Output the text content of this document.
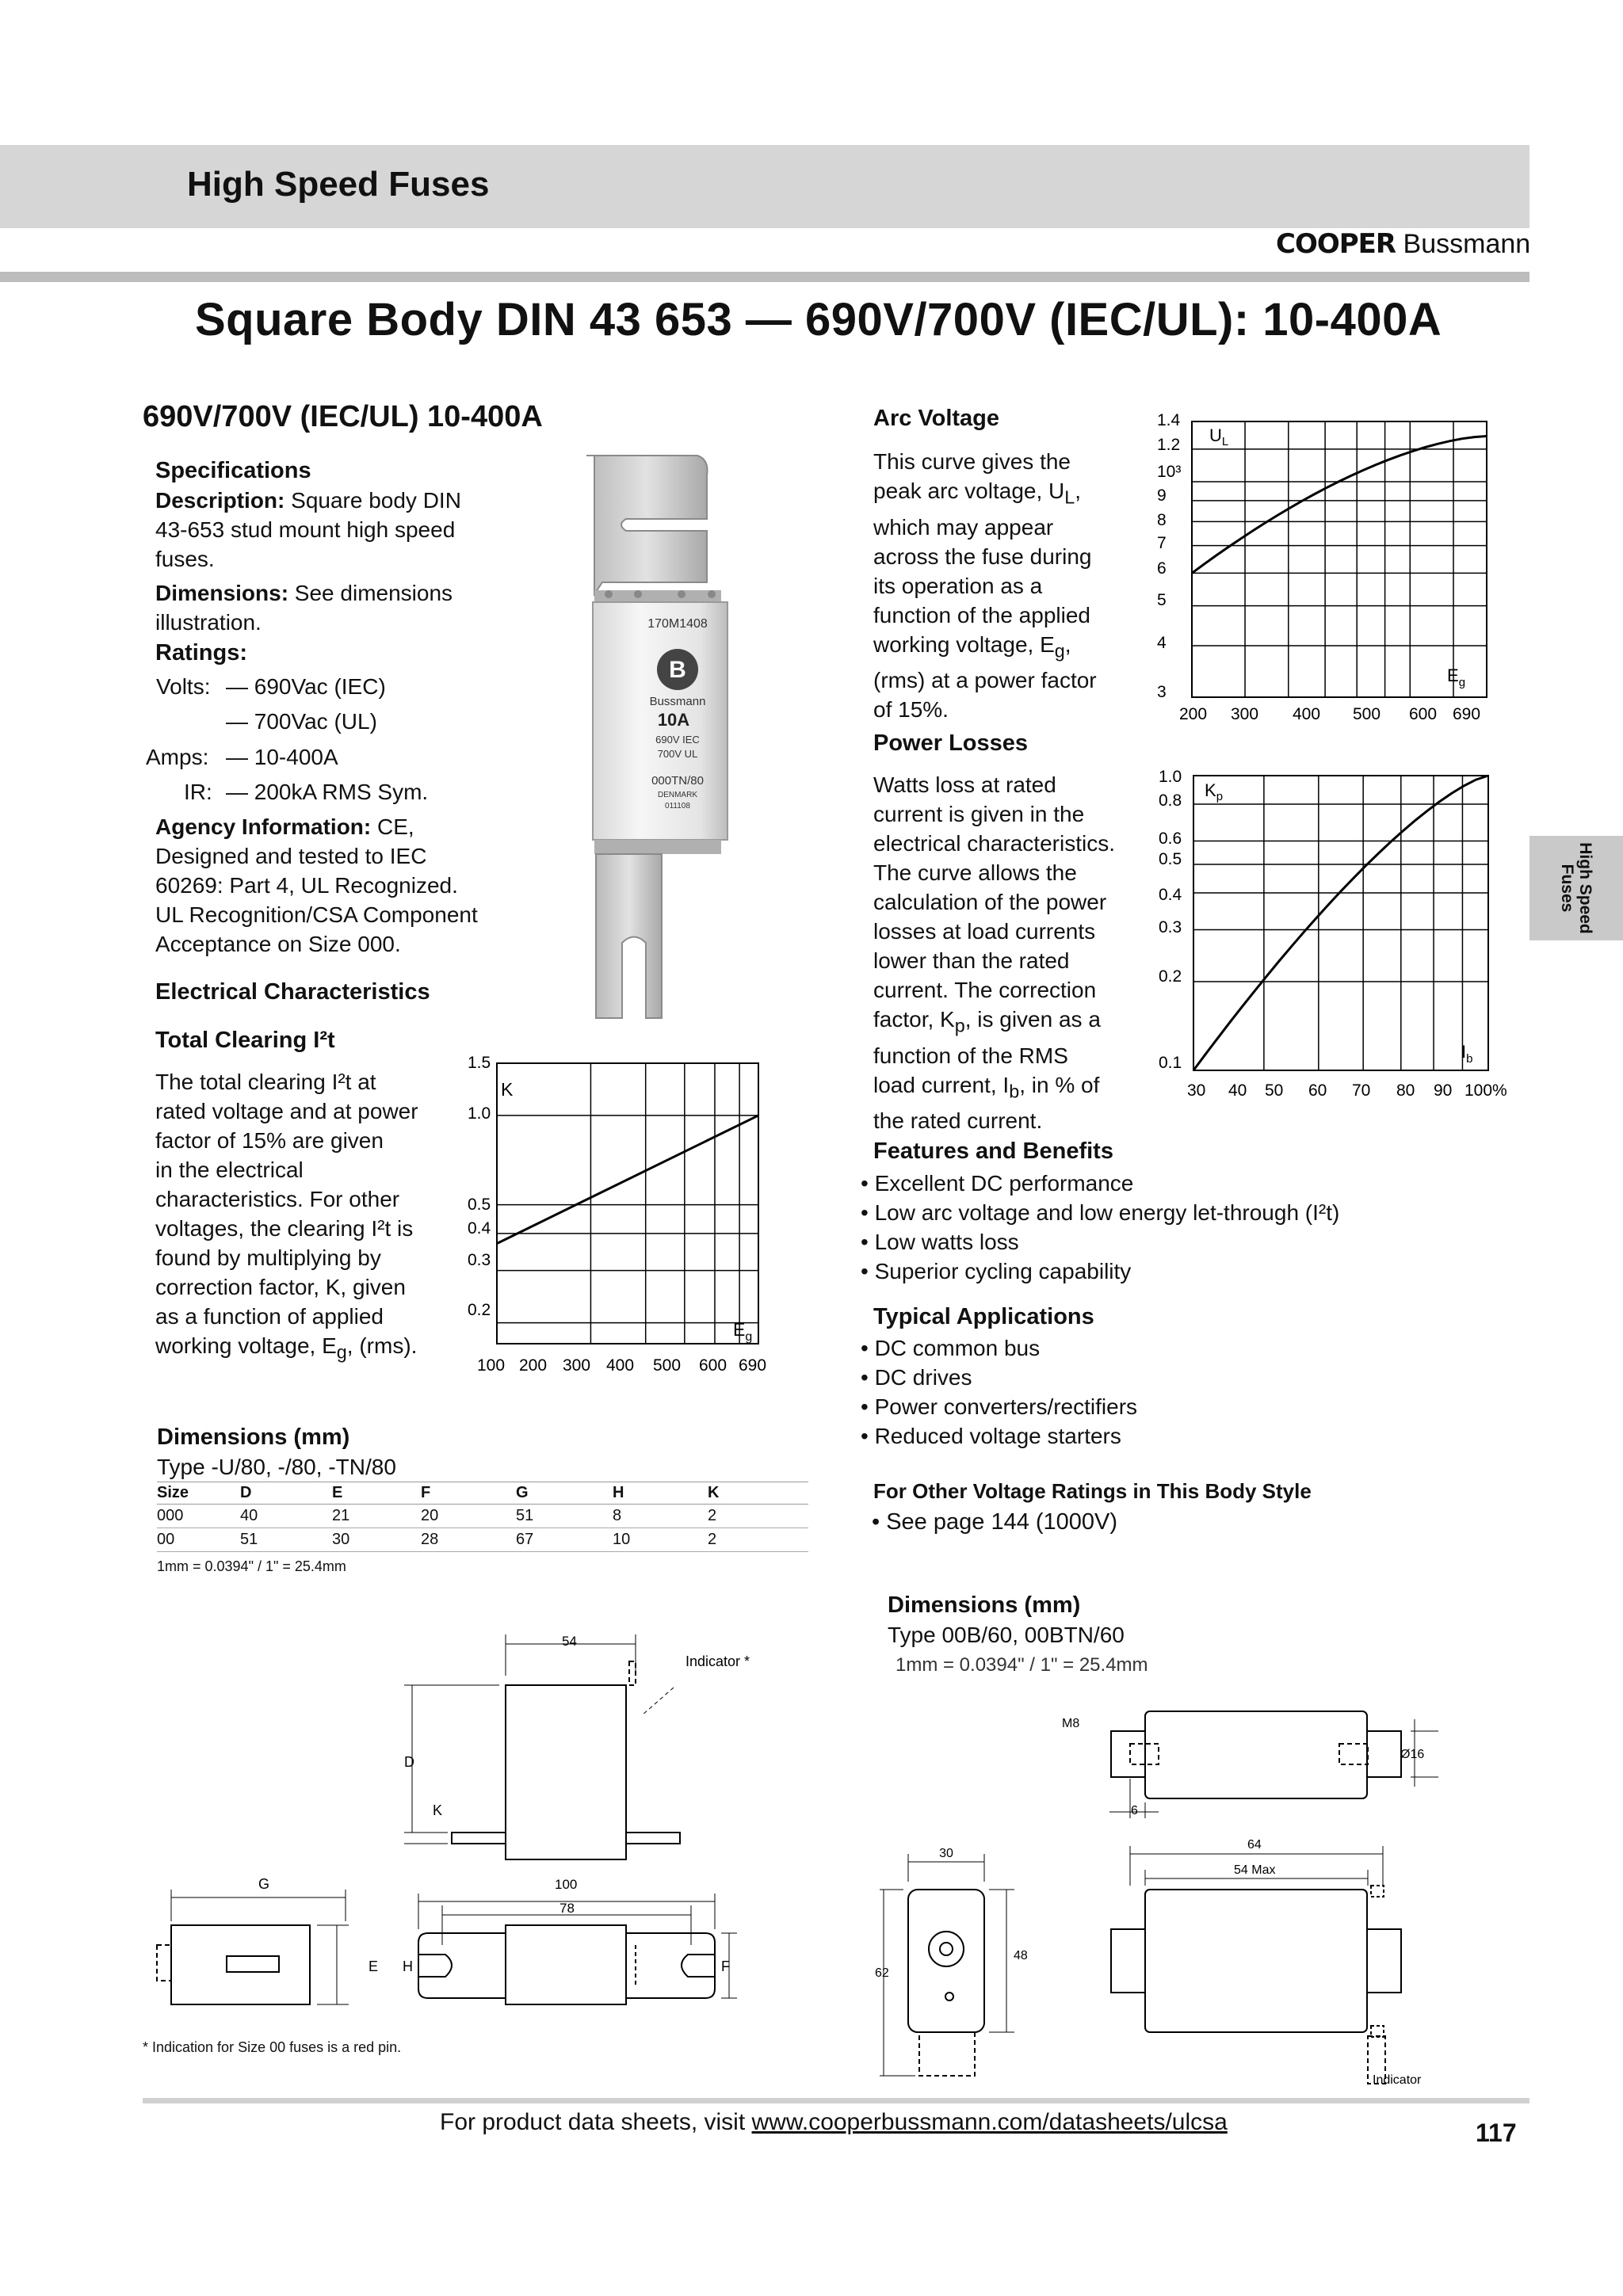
High Speed Fuses
COOPER Bussmann
Square Body DIN 43 653 — 690V/700V (IEC/UL): 10-400A
High Speed
Fuses
690V/700V (IEC/UL) 10-400A
Specifications
Description: Square body DIN
43-653 stud mount high speed
fuses.
Dimensions: See dimensions
illustration.
Ratings:
Volts: — 690Vac (IEC)
— 700Vac (UL)
Amps: — 10-400A
IR: — 200kA RMS Sym.
Agency Information: CE,
Designed and tested to IEC
60269: Part 4, UL Recognized.
UL Recognition/CSA Component
Acceptance on Size 000.
Electrical Characteristics
Total Clearing I²t
The total clearing I²t at
rated voltage and at power
factor of 15% are given
in the electrical
characteristics. For other
voltages, the clearing I²t is
found by multiplying by
correction factor, K, given
as a function of applied
working voltage, $E_g$, (rms).
B
170M1408
Bussmann
10A
690V IEC
700V UL
000TN/80
DENMARK
011108
1.5
1.0
0.5
0.4
0.3
0.2
100 200 300 400 500 600 690
K
$E_g$
Arc Voltage
This curve gives the
peak arc voltage, $U_L$,
which may appear
across the fuse during
its operation as a
function of the applied
working voltage, $E_g$,
(rms) at a power factor
of 15%.
1.4
1.2
10³
9
8
7
6
5
4
3
200 300 400 500 600 690
$U_L$
$E_g$
Power Losses
Watts loss at rated
current is given in the
electrical characteristics.
The curve allows the
calculation of the power
losses at load currents
lower than the rated
current. The correction
factor, $K_p$, is given as a
function of the RMS
load current, $I_b$, in % of
the rated current.
1.0
0.8
0.6
0.5
0.4
0.3
0.2
0.1
30 40 50 60 70 80 90 100%
$K_p$
$I_b$
Features and Benefits
• Excellent DC performance
• Low arc voltage and low energy let-through (I²t)
• Low watts loss
• Superior cycling capability
Typical Applications
• DC common bus
• DC drives
• Power converters/rectifiers
• Reduced voltage starters
For Other Voltage Ratings in This Body Style
• See page 144 (1000V)
Dimensions (mm)
Type -U/80, -/80, -TN/80
Size	D	E	F	G	H	K
000	40	21	20	51	8	2
00	51	30	28	67	10	2
1mm = 0.0394" / 1" = 25.4mm
54
Indicator *
D
K
G	100
78
E H	F
* Indication for Size 00 fuses is a red pin.
Dimensions (mm)
Type 00B/60, 00BTN/60
1mm = 0.0394" / 1" = 25.4mm
M8
Ø16
6
30
62
48
64
54 Max
Indicator
For product data sheets, visit www.cooperbussmann.com/datasheets/ulcsa	117
